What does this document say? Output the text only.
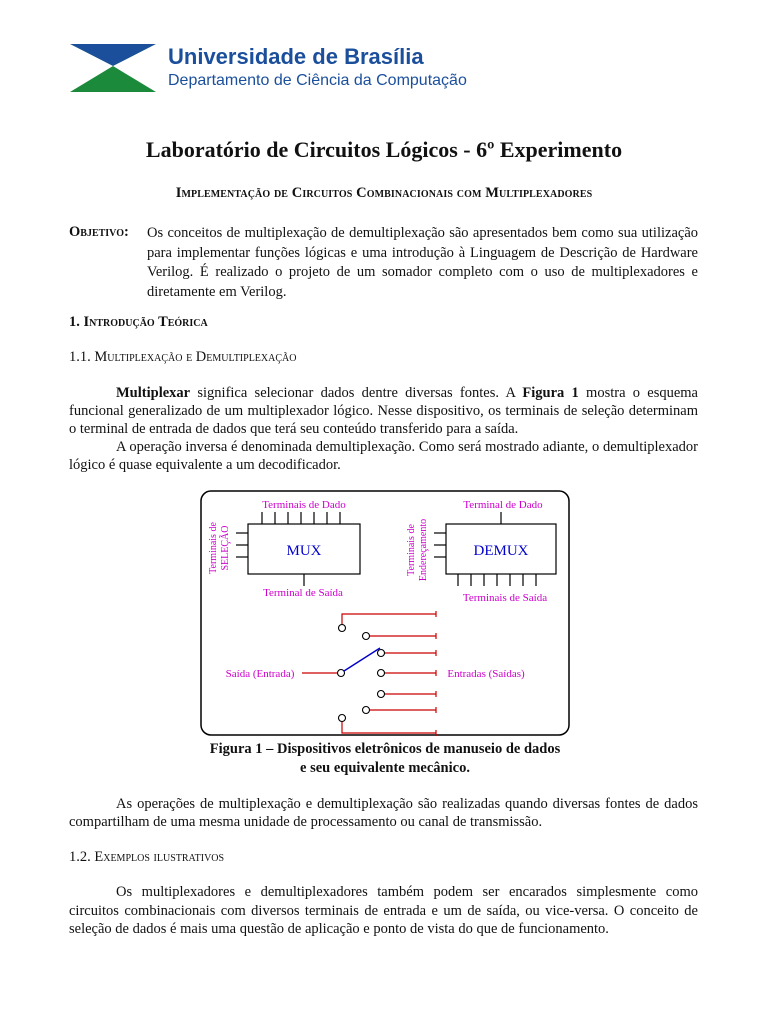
Universidade de Brasília
Departamento de Ciência da Computação
Laboratório de Circuitos Lógicos - 6º Experimento
Implementação de Circuitos Combinacionais com Multiplexadores
Objetivo: Os conceitos de multiplexação de demultiplexação são apresentados bem como sua utilização para implementar funções lógicas e uma introdução à Linguagem de Descrição de Hardware Verilog. É realizado o projeto de um somador completo com o uso de multiplexadores e diretamente em Verilog.
1. Introdução Teórica
1.1. Multiplexação e Demultiplexação
Multiplexar significa selecionar dados dentre diversas fontes. A Figura 1 mostra o esquema funcional generalizado de um multiplexador lógico. Nesse dispositivo, os terminais de seleção determinam o terminal de entrada de dados que terá seu conteúdo transferido para a saída.
A operação inversa é denominada demultiplexação. Como será mostrado adiante, o demultiplexador lógico é quase equivalente a um decodificador.
MUX
Terminais de Dado
Terminal de Saída
Terminais de SELEÇÃO	DEMUX
Terminal de Dado
Terminais de Saída
Terminais de Endereçamento
Saída (Entrada)	Entradas (Saídas)
Figura 1 – Dispositivos eletrônicos de manuseio de dados
e seu equivalente mecânico.
As operações de multiplexação e demultiplexação são realizadas quando diversas fontes de dados compartilham de uma mesma unidade de processamento ou canal de transmissão.
1.2. Exemplos ilustrativos
Os multiplexadores e demultiplexadores também podem ser encarados simplesmente como circuitos combinacionais com diversos terminais de entrada e um de saída, ou vice-versa. O conceito de seleção de dados é mais uma questão de aplicação e ponto de vista do que de funcionamento.
